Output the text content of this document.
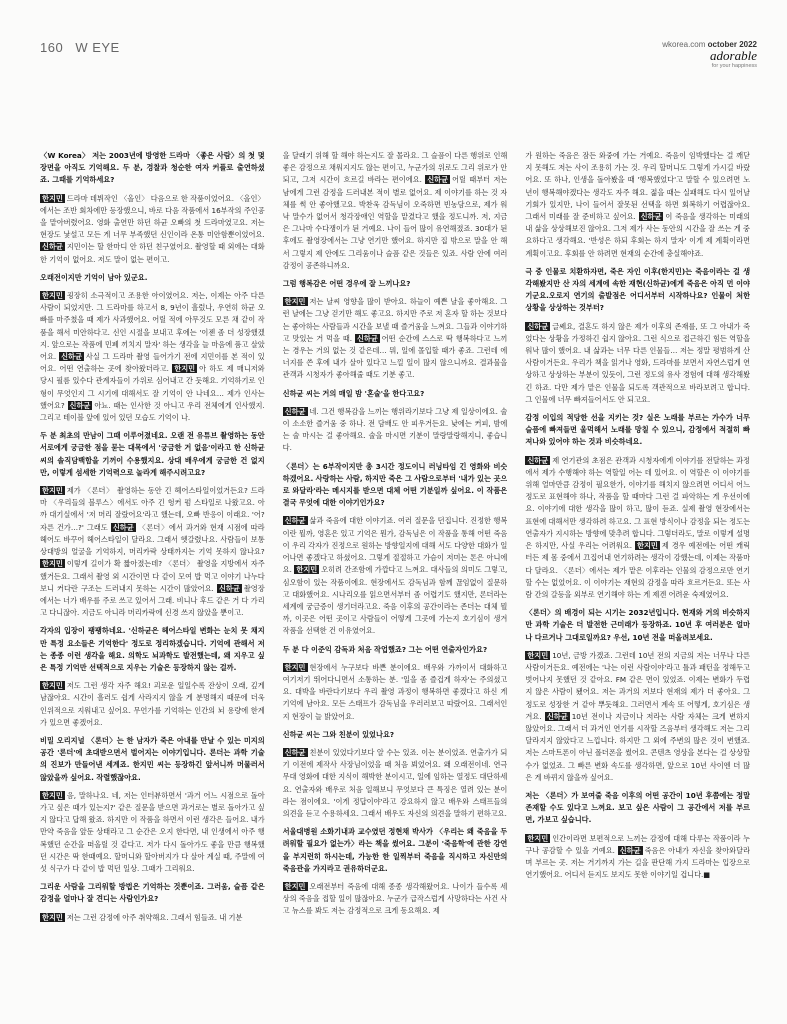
160 W EYE	wkorea.com october 2022
adorable
for your happiness

〈W Korea〉 저는 2003년에 방영한 드라마 〈좋은 사람〉의 첫 몇 장면을 아직도 기억해요. 두 분, 경찰과 청순한 여자 커플로 출연하셨죠. 그때를 기억하세요?

한지민 드라마 데뷔작인 〈올인〉 다음으로 한 작품이었어요. 〈올인〉에서는 조반 회차에만 등장했으니, 바로 다음 작품에서 16부작의 주인공을 맡아버렸어요. 영화 출연만 하던 하균 오빠의 첫 드라마였고요. 저는 현장도 낯설고 모든 게 너무 부족했던 신인이라 온통 미안함뿐이었어요. 신하균 지민이는 할 한마디 안 하던 친구였어요. 촬영할 때 외에는 대화한 기억이 없어요. 저도 말이 없는 편이고.

오래전이지만 기억이 남아 있군요.

한지민 굉장히 소극적이고 조용한 아이였어요. 저는, 이제는 아주 다른 사람이 되었지만. 그 드라마를 하고서 8, 9년이 흘렀나, 우연히 하균 오빠를 마주쳤을 때 제가 사과했어요. 어릴 적에 아무것도 모른 채 같이 작품을 해서 미안하다고. 신인 시절을 보내고 후에는 '이젠 좀 더 성장했겠지. 앞으로는 작품에 민폐 끼치지 말자' 하는 생각을 늘 마음에 품고 살았어요. 신하균 사실 그 드라마 촬영 들어가기 전에 지민이를 본 적이 있어요. 어떤 연출하는 곳에 찾아왔더라고. 한지민 아 하도 제 매니저와 당시 필름 있수다 관계자들이 가위로 심어내고 간 듯해요. 기억하기로 인형이 무엇인지 그 시기에 대해서도 잘 기억이 안 나네요… 제가 인사는 했어요? 신하균 아뇨. 때는 인사한 것 아니고 우리 전체에게 인사했지. 그리고 테이블 앞에 있어 있던 모습도 기억이 나.

두 분 최초의 만남이 그때 이루어졌네요. 오랜 전 유튜브 촬영하는 동안 서로에게 궁금한 점을 묻는 대목에서 '궁금한 거 없음'이라고 한 신하균 씨의 솔직담백함을 기꺼이 수용했지요. 상대 배우에게 궁금한 건 없지만, 이렇게 섬세한 기억력으로 놀라게 해주시려고요?

한지민 제가 〈론더〉 촬영하는 동안 긴 헤어스타일이었거든요? 드라마 〈우리들의 블루스〉에서도 아주 긴 헝커 펌 스타일로 나왔고요. 아까 대기실에서 '저 머리 잘랐어요'라고 했는데, 오빠 반응이 이래요. '어? 자른 건가…?' 그래도 신하균 〈론더〉에서 과거와 현재 시점에 따라 헤어도 바꾸어 헤어스타일이 달라요. 그래서 헷갈렸나요. 사람들이 보통 상대방의 얼굴을 기억하지, 머리카락 상태까지는 기억 못하지 않나요? 한지민 이렇게 길이가 확 짧아졌는데? 〈론더〉 촬영을 지방에서 자주 했거든요. 그래서 촬영 외 시간이면 다 같이 모여 밥 먹고 이야기 나누다 보니 커다란 구조는 드러내지 못하는 시간이 많았어요. 신하균 촬영장에서는 너가 배우를 주로 쓰고 있어서 그래. 비니나 후드 같은 거 다 가리고 다니잖아. 지금도 아니라 머리카락에 신경 쓰지 않았을 뿐이고.

각자의 입장이 팽팽하네요. '신하균은 헤어스타일 변화는 눈치 못 채지만 특정 요소들은 기억한다' 정도로 정리하겠습니다. 기억에 관해서 저는 종종 이런 생각을 해요. 의학도 뇌과학도 발전했는데, 왜 지우고 싶은 특정 기억만 선택적으로 지우는 기술은 등장하지 않는 걸까.

한지민 저도 그런 생각 자주 해요! 괴로운 일일수록 잔상이 오래, 깊게 남잖아요. 시간이 흘러도 쉽게 사라지지 않을 게 분명해지 때문에 더욱 인위적으로 지워내고 싶어요. 무언가를 기억하는 인간의 뇌 용량에 한계가 있으면 좋겠어요.

비밀 오리지널 〈론더〉는 한 남자가 죽은 아내를 만날 수 있는 미지의 공간 '론더'에 초대받으면서 벌어지는 이야기입니다. 론더는 과학 기술의 진보가 만들어낸 세계죠. 한지민 씨는 등장하긴 앞서니까 머물러서 않았을까 싶어요. 작렬했잖아요.

한지민 음, 말하나요. 네, 저는 인터뷰하면서 '과거 어느 시점으로 돌아가고 싶은 때가 있는지?' 같은 질문을 받으면 과거로는 별로 돌아가고 싶지 않다고 답해 왔죠. 하지만 이 작품을 하면서 이런 생각은 들어요. 내가 만약 죽음을 앞둔 상태라고 그 순간은 오지 한다면, 내 인생에서 아주 행복했던 순간을 떠올릴 것 같다고. 저가 다시 돌아가도 좋을 만큼 행복했던 시간은 딱 한때예요. 할머니와 할아버지가 다 살아 계실 때, 주말에 여섯 식구가 다 같이 밥 먹던 일상. 그때가 그리워요.

그리운 사람을 그리워할 방법은 기억하는 것뿐이죠. 그러움, 슬픔 같은 감정을 얼마나 잘 견디는 사람인가요?

한지민 저는 그런 감정에 아주 취약해요. 그래서 힘들죠. 내 기분

을 달래기 위해 할 해야 하는지도 잘 몰라요. 그 슬픔이 다른 행위로 인해 좋은 감정으로 채워지지도 않는 편이고, 누군가의 위로도 그리 위로가 안 되고, 그저 시간이 흐르길 바라는 편이에요. 신하균 어릴 때부터 저는 남에게 그런 감정을 드러내본 적이 별로 없어요. 제 이야기를 하는 것 자체를 썩 안 좋아했고요. 박찬욱 감독님이 오죽하면 빈농담으로, 제가 워낙 말수가 없어서 청각장애인 역할을 맡겼다고 했을 정도니까. 저, 지금은 그나마 수다쟁이가 된 거예요. 나이 들어 많이 유연해졌죠. 30대가 된 후에도 촬영장에서는 그냥 연기만 했어요. 하지만 집 밖으로 말을 안 해서 그렇지 제 안에도 그리움이나 슬픔 같은 것들은 있죠. 사람 안에 여러 감정이 공존하니까요.

그럼 행복감은 어떤 경우에 잘 느끼나요?

한지민 저는 날씨 영향을 많이 받아요. 하늘이 예쁜 날을 좋아해요. 그런 날에는 그냥 걷기만 해도 좋고요. 하지만 주로 저 혼자 할 하는 것보다는 좋아하는 사람들과 시간을 보낼 때 즐거움을 느껴요. 그들과 이야기하고 맛있는 거 먹을 때. 신하균 어떤 순간에 스스로 딱 행복하다고 느끼는 경우는 거의 없는 것 같은데… 뭐, 일에 몰입할 때가 좋죠. 그런데 에너지를 쓴 후에 내가 살아 있다고 느낄 일이 많지 않으니까요. 결과물을 관객과 시청자가 좋아해줄 때도 기분 좋고.

신하균 씨는 거의 매일 밤 '혼술'을 한다고요?

신하균 네. 그건 행복감을 느끼는 행위라기보다 그냥 제 일상이에요. 술이 소소한 즐거움 중 하나. 전 담배도 안 피우거든요. 낮에는 커피, 밤에는 술 마시는 걸 좋아해요. 술을 마시면 기분이 말랑말랑해지니, 좋습니다.

〈론더〉는 6부작이지만 총 3시간 정도이니 러닝타임 긴 영화와 비슷하겠어요. 사랑하는 사람, 하지만 죽은 그 사람으로부터 '내가 있는 곳으로 와달라'라는 메시지를 받으면 대체 어떤 기분일까 싶어요. 이 작품은 결국 무엇에 대한 이야기인가요?

신하균 삶과 죽음에 대한 이야기죠. 여러 질문을 던집니다. 진정한 행복이란 뭘까, 영혼은 있고 기억은 뭔가, 감독님은 이 작품을 통해 어떤 죽음이 우리 각자가 진정으로 원하는 방향일지에 대해 서도 다양한 대화가 일어나면 좋겠다고 하셨어요. 그렇게 절절하고 가슴이 저미는 톤은 아니에요. 한지민 오히려 간조함에 가깝다고 느껴요. 대사들의 의미도 그렇고, 심오함이 있는 작품이에요. 현장에서도 감독님과 함께 끊임없이 질문하고 대화했어요. 시나리오를 읽으면서부터 좀 어렵기도 했지만, 론더라는 세계에 궁금증이 생기더라고요. 죽음 이후의 공간이라는 존더는 대체 뭘까, 이곳은 어떤 곳이고 사람들이 어떻게 그곳에 가는지 호기심이 생겨 작품을 선택한 건 이유였어요.

두 분 다 이준익 감독과 처음 작업했죠? 그는 어떤 연출자인가요?

한지민 현장에서 누구보다 바쁜 분이에요. 배우와 가까이서 대화하고 여기저기 뛰어다니면서 소통하는 분. '일을 좀 즐겁게 하자'는 주의셨고요. 대박을 바란다기보다 우리 촬영 과정이 행복하면 좋겠다고 하신 게 기억에 남아요. 모든 스태프가 감독님을 우러러보고 따랐어요. 그래서인지 현장이 늘 밝았어요.

신하균 씨는 그와 친분이 있었나요?

신하균 친분이 있었다기보다 알 수는 있죠. 이는 분이었죠. 연출가가 되기 이전에 제작사 사장님이었을 때 처음 뵈었어요. 왜 오래전이네. 연극무대 영화에 대한 지식이 해박한 분이시고, 일에 임하는 열정도 대단하세요. 연출자와 배우로 처음 일해보니 무엇보다 큰 특징은 열려 있는 분이라는 점이에요. '이게 정답이야'라고 강요하지 않고 배우와 스태프들의 의견을 듣고 수용하세요. 그래서 배우도 자신의 의견을 말하기 편하고요.

서울대병원 소화기내과 교수였던 정현채 박사가 〈우리는 왜 죽음을 두려워할 필요가 없는가〉라는 책을 썼어요. 그분이 '죽음학'에 관한 강연을 부지런히 하시는데, 가능한 한 일찍부터 죽음을 직시하고 자신만의 죽음관을 가지라고 권유하더군요.

한지민 오래전부터 죽음에 대해 종종 생각해왔어요. 나이가 들수록 세상의 죽음을 접할 일이 많잖아요. 누군가 급작스럽게 사망하다는 사건 사고 뉴스를 봐도 저는 감정적으로 크게 동요해요. 제

가 원하는 죽음은 잠든 와중에 가는 거예요. 죽음이 임박했다는 걸 깨닫지 못해도 저는 사이 조용히 가는 것. 우리 할머니도 그렇게 가시길 바랐어요. 또 하나, 인생을 돌아봤을 때 '행복했었다'고 말할 수 있으려면 노년이 행복해야겠다는 생각도 자주 해요. 젊을 때는 실패해도 다시 일어날 기회가 있지만, 나이 들어서 잘못된 선택을 하면 회복하기 어렵잖아요. 그래서 미래를 잘 준비하고 싶어요. 신하균 이 죽음을 생각하는 미래의 내 삶을 상상해보진 않아요. 그저 제가 사는 동안의 시간을 잘 쓰는 게 중요하다고 생각해요. '반성은 하되 후회는 하지 말자' 이게 제 계획이라면 계획이고요. 후회를 안 하려면 현재의 순간에 충실해야죠.

극 중 인물로 치환하자면, 죽은 자인 이후(한지민)는 죽음이라는 걸 생각해봤지만 산 자의 세계에 속한 재현(신하균)에게 죽음은 아직 먼 이야기군요.오로지 연기의 출발점은 어디서부터 시작하나요? 인물이 처한 상황을 상상하는 것부터?

신하균 글쎄요, 결혼도 하지 않은 제가 이후의 존재를, 또 그 아내가 죽었다는 상황을 가정하긴 쉽지 않아요. 그런 식으로 접근하긴 힘든 역할을 워낙 많이 했어요. 내 삶과는 너무 다른 인물들… 저는 정말 평범하게 산 사람이거든요. 우리가 책을 읽거나 영화, 드라마를 보면서 자연스럽게 연상하고 상상하는 부분이 있듯이, 그런 정도의 유사 경험에 대해 생각해봤긴 하죠. 다만 제가 맡은 인물을 되도록 객관적으로 바라보려고 합니다. 그 인물에 너무 빠져들어서도 안 되고요.

감정 이입의 적당한 선을 지키는 것? 실은 노래를 부르는 가수가 너무 슬픔에 빠져들면 울먹해서 노래를 망칠 수 있으니, 감정에서 적절히 빠져나와 있어야 하는 것과 비슷하네요.

신하균 제 연기관의 초점은 관객과 시청자에게 이야기를 전달하는 과정에서 제가 수행해야 하는 역할일 어는 데 있어요. 이 역할은 이 이야기를 위해 얼마만큼 감정이 필요한가, 이야기를 해치지 않으려면 어디서 어느 정도로 표현해야 하나, 작품을 할 때마다 그런 걸 파악하는 게 우선이에요. 이야기에 대한 생각을 많이 하고, 많이 듣죠. 실제 촬영 현장에서는 표현에 대해서만 생각하려 하고요. 그 표현 방식이나 감정을 되는 정도는 연출자가 지시하는 방향에 맞추려 합니다. 그렇더라도, 말로 이렇게 설명은 하지만, 사실 우리는 어려워요. 한지민 제 경우 예전에는 어떤 캐릭터든 제 몸 중에서 끄집어내 연기하려는 생각이 강했는데, 이제는 작품마다 달라요. 〈론더〉에서는 제가 맡은 이후라는 인물의 감정으로만 연기할 수는 없었어요. 이 이야기는 재현의 감정을 따라 흐르거든요. 또는 사람 간의 갈등을 외부로 연기해야 하는 게 제겐 어려운 숙제였어요.

〈론더〉의 배경이 되는 시기는 2032년입니다. 현재와 거의 비슷하지만 과학 기술은 더 발전한 근미래가 등장하죠. 10년 후 여러분은 얼마나 다르거나 그대로일까요? 우선, 10년 전을 떠올려보세요.

한지민 10년, 금방 가겠죠. 그런데 10년 전의 지금의 저는 너무나 다른 사람이거든요. 예전에는 '나는 이런 사람이야'라고 틀과 패턴을 정해두고 벗어나지 못했던 것 같아요. FM 같은 면이 있었죠. 이제는 변화가 두렵지 않은 사람이 됐어요. 저는 과거의 저보다 현재의 제가 더 좋아요. 그 정도로 성장한 거 같아 뿌듯해요. 그러면서 계속 또 어떻게, 호기심은 생겨요. 신하균 10년 전이나 지금이나 저라는 사람 자체는 크게 변하지 않았어요. 그래서 더 과거인 연기를 시작할 즈음부터 생각해도 저는 그리 달라지지 않았다고 느낍니다. 하지만 그 외에 주변의 많은 것이 변했죠. 저는 스마트폰이 아닌 폴더폰을 썼어요. 콘텐츠 영상을 본다는 걸 상상할 수가 없었죠. 그 빠른 변화 속도를 생각하면, 앞으로 10년 사이엔 더 많은 게 바뀌지 않을까 싶어요.

저는 〈론더〉가 보여줄 죽음 이후의 어떤 공간이 10년 후쯤에는 정말 존재할 수도 있다고 느껴요. 보고 싶은 사람이 그 공간에서 저를 부르면, 가보고 싶습니다.

한지민 인간이라면 보편적으로 느끼는 감정에 대해 다루는 작품이라 누구나 공감할 수 있을 거예요. 신하균 죽음은 아내가 자신을 찾아와달라며 부르는 곳. 저는 거기까지 가는 길을 판단해 가지 드라마는 입장으로 연기했어요. 어디서 듣지도 보지도 못한 이야기일 겁니다.■
